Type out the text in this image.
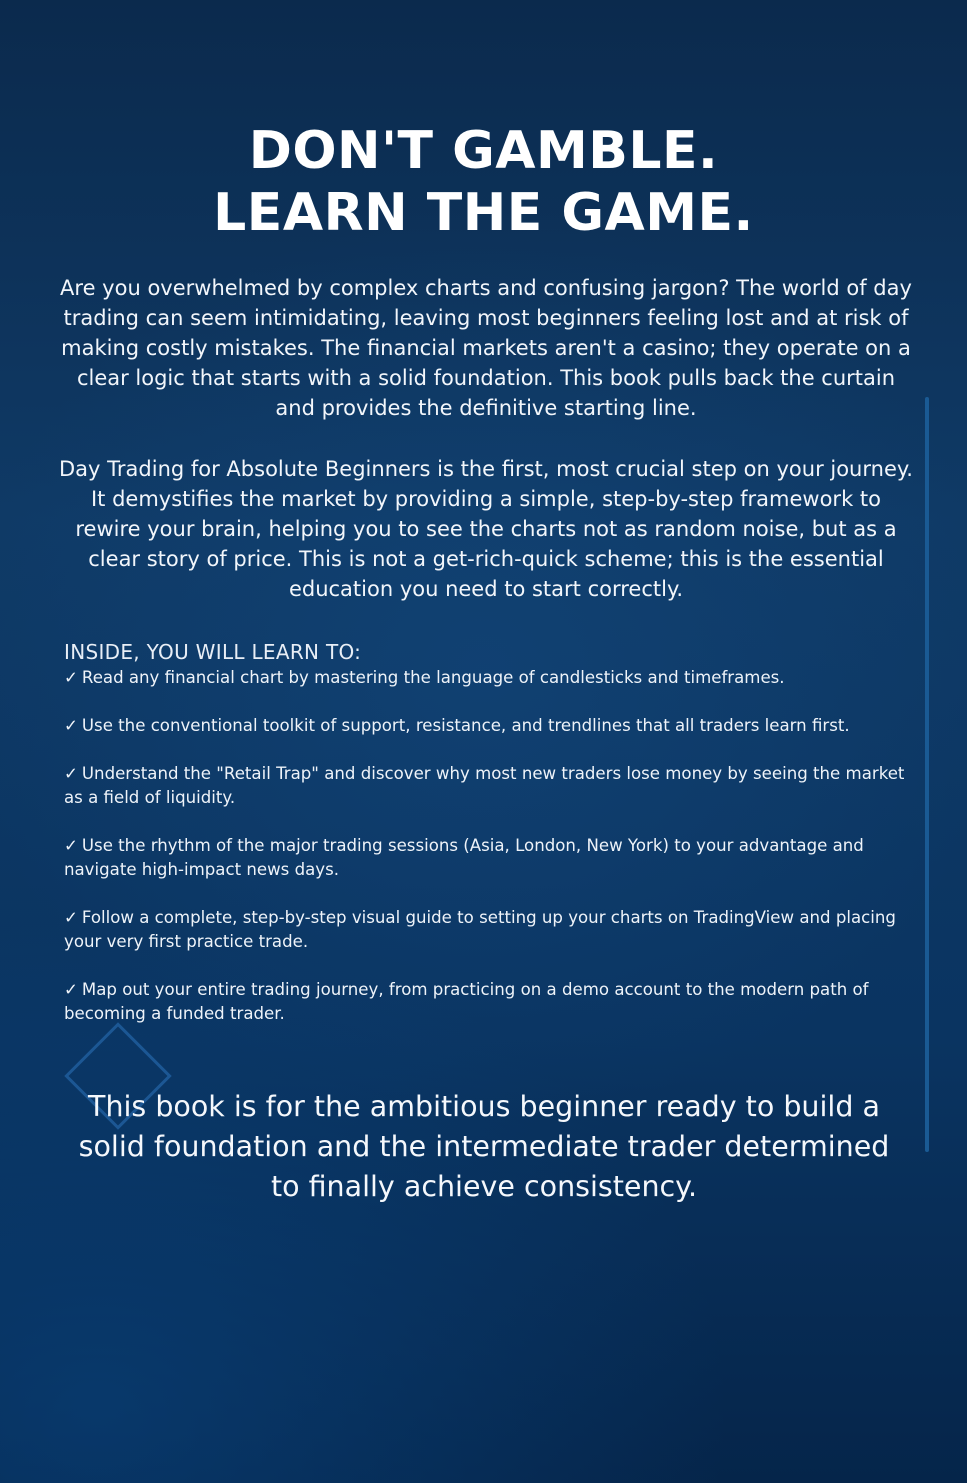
DON'T GAMBLE.
LEARN THE GAME.
Are you overwhelmed by complex charts and confusing jargon? The world of day trading can seem intimidating, leaving most beginners feeling lost and at risk of making costly mistakes. The financial markets aren't a casino; they operate on a clear logic that starts with a solid foundation. This book pulls back the curtain and provides the definitive starting line.
Day Trading for Absolute Beginners is the first, most crucial step on your journey. It demystifies the market by providing a simple, step-by-step framework to rewire your brain, helping you to see the charts not as random noise, but as a clear story of price. This is not a get-rich-quick scheme; this is the essential education you need to start correctly.
INSIDE, YOU WILL LEARN TO:
✓ Read any financial chart by mastering the language of candlesticks and timeframes.
✓ Use the conventional toolkit of support, resistance, and trendlines that all traders learn first.
✓ Understand the "Retail Trap" and discover why most new traders lose money by seeing the market as a field of liquidity.
✓ Use the rhythm of the major trading sessions (Asia, London, New York) to your advantage and navigate high-impact news days.
✓ Follow a complete, step-by-step visual guide to setting up your charts on TradingView and placing your very first practice trade.
✓ Map out your entire trading journey, from practicing on a demo account to the modern path of becoming a funded trader.
This book is for the ambitious beginner ready to build a solid foundation and the intermediate trader determined to finally achieve consistency.
